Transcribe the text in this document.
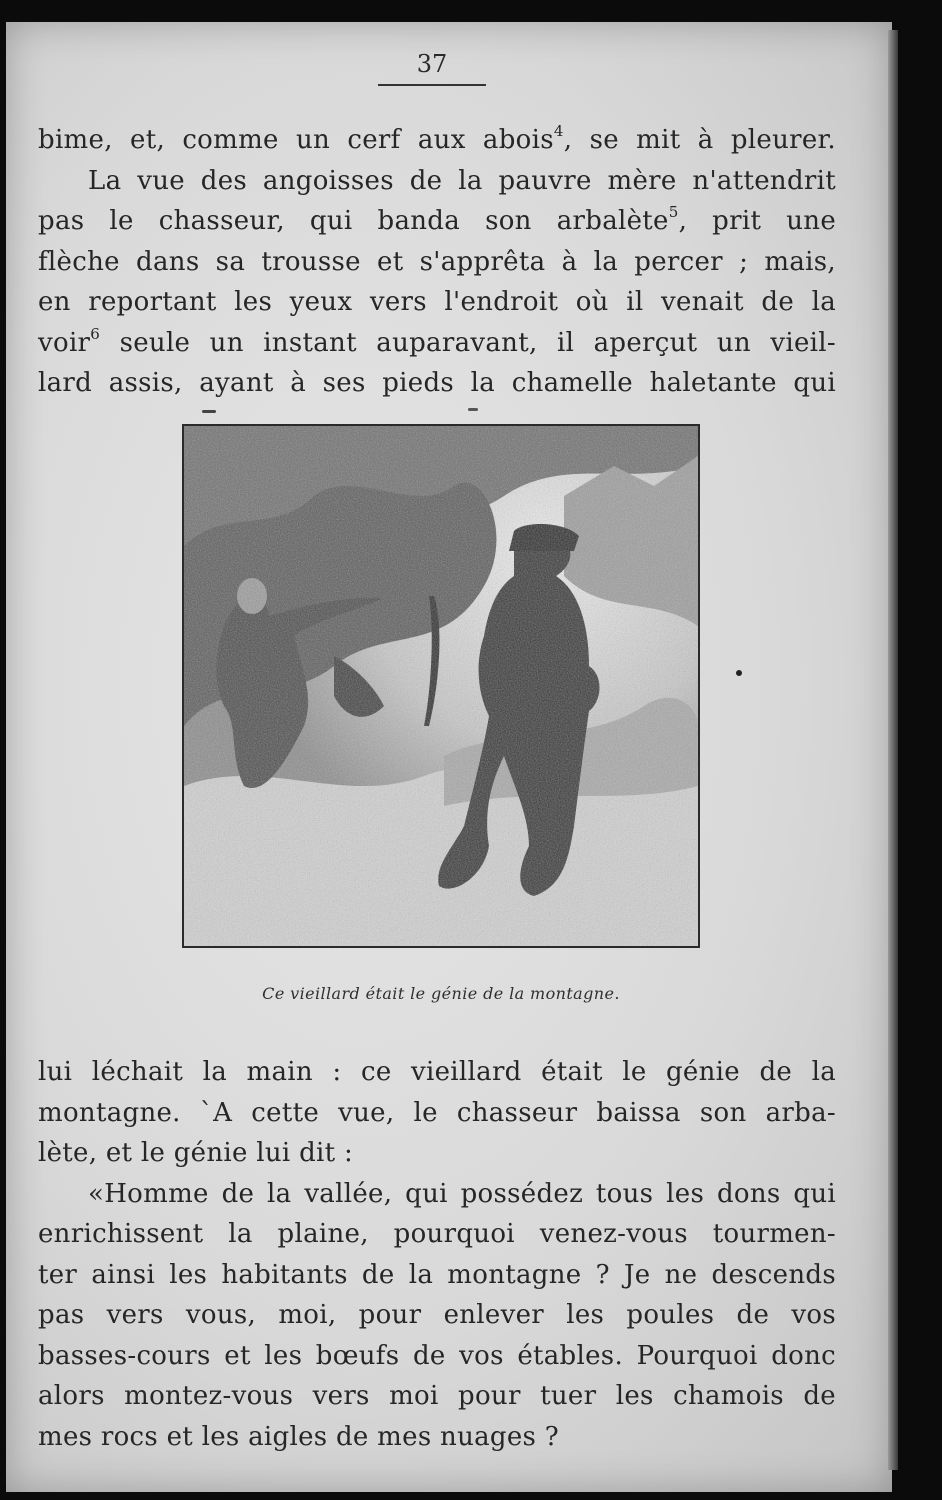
37
bime, et, comme un cerf aux abois$^4$, se mit à pleurer.
La vue des angoisses de la pauvre mère n'attendrit
pas le chasseur, qui banda son arbalète$^5$, prit une
flèche dans sa trousse et s'apprêta à la percer ; mais,
en reportant les yeux vers l'endroit où il venait de la
voir$^6$ seule un instant auparavant, il aperçut un vieil-
lard assis, ayant à ses pieds la chamelle haletante qui
Ce vieillard était le génie de la montagne.
lui léchait la main : ce vieillard était le génie de la
montagne. `A cette vue, le chasseur baissa son arba-
lète, et le génie lui dit :
«Homme de la vallée, qui possédez tous les dons qui
enrichissent la plaine, pourquoi venez-vous tourmen-
ter ainsi les habitants de la montagne ? Je ne descends
pas vers vous, moi, pour enlever les poules de vos
basses-cours et les bœufs de vos étables. Pourquoi donc
alors montez-vous vers moi pour tuer les chamois de
mes rocs et les aigles de mes nuages ?
